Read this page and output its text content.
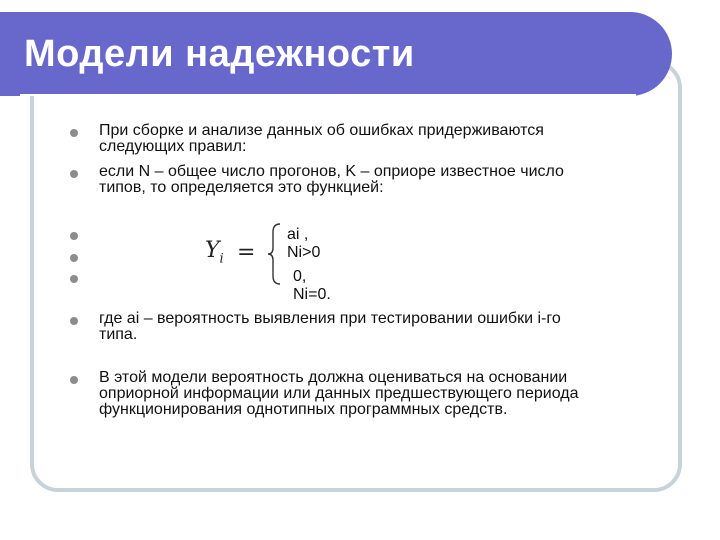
Модели надежности
При сборке и анализе данных об ошибках придерживаются
следующих правил:
если N – общее число прогонов, K – оприоре известное число
типов, то определяется это функцией:
где ai – вероятность выявления при тестировании ошибки i-го
типа.
В этой модели вероятность должна оцениваться на основании
оприорной информации или данных предшествующего периода
функционирования однотипных программных средств.
$Y_i$ =
ai , Ni>0
0, Ni=0.
